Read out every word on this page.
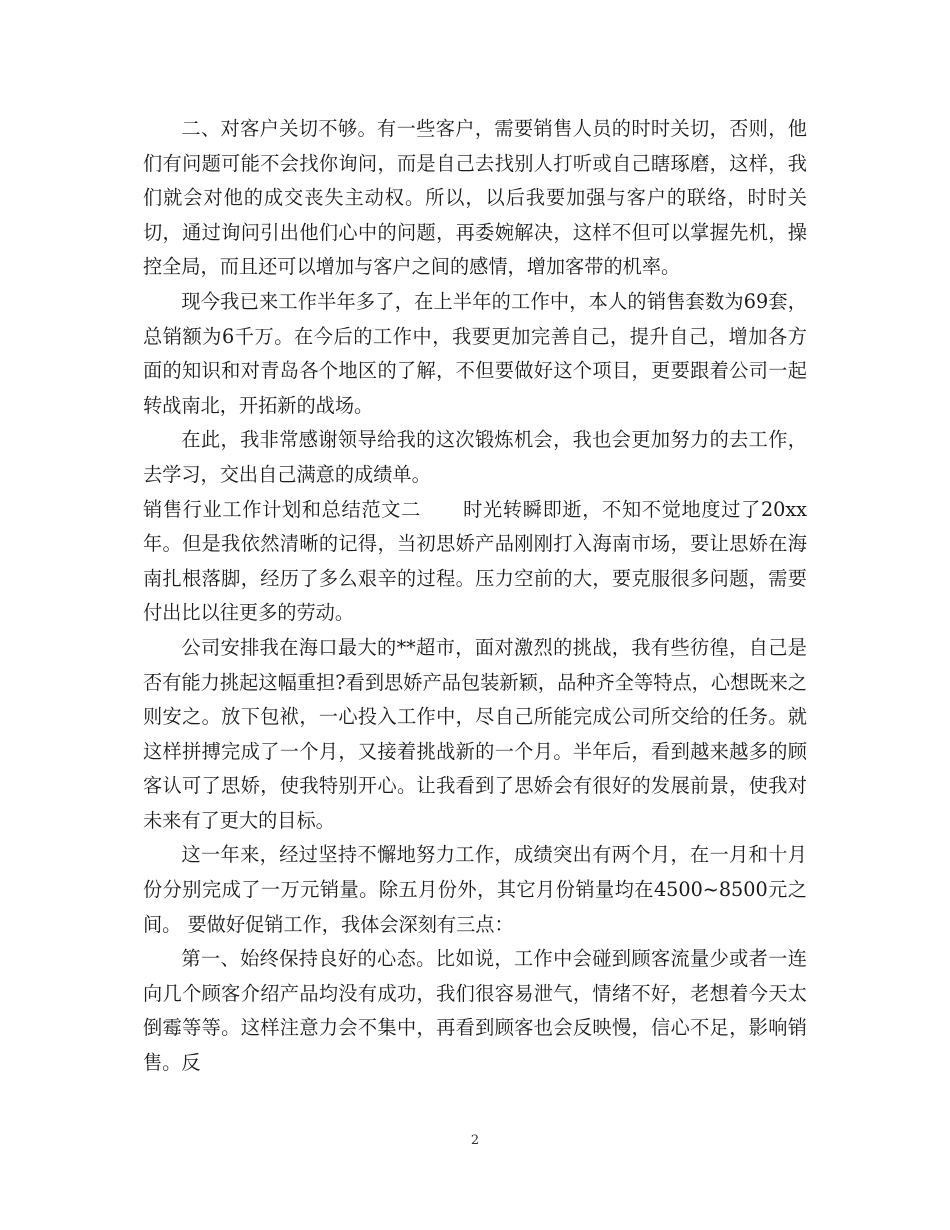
二、对客户关切不够。有一些客户，需要销售人员的时时关切，否则，他们有问题可能不会找你询问，而是自己去找别人打听或自己瞎琢磨，这样，我们就会对他的成交丧失主动权。所以，以后我要加强与客户的联络，时时关切，通过询问引出他们心中的问题，再委婉解决，这样不但可以掌握先机，操控全局，而且还可以增加与客户之间的感情，增加客带的机率。

现今我已来工作半年多了，在上半年的工作中，本人的销售套数为69套，总销额为6千万。在今后的工作中，我要更加完善自己，提升自己，增加各方面的知识和对青岛各个地区的了解，不但要做好这个项目，更要跟着公司一起转战南北，开拓新的战场。

在此，我非常感谢领导给我的这次锻炼机会，我也会更加努力的去工作，去学习，交出自己满意的成绩单。

销售行业工作计划和总结范文二 时光转瞬即逝，不知不觉地度过了20xx年。但是我依然清晰的记得，当初思娇产品刚刚打入海南市场，要让思娇在海南扎根落脚，经历了多么艰辛的过程。压力空前的大，要克服很多问题，需要付出比以往更多的劳动。

公司安排我在海口最大的**超市，面对激烈的挑战，我有些彷徨，自己是否有能力挑起这幅重担?看到思娇产品包装新颖，品种齐全等特点，心想既来之则安之。放下包袱，一心投入工作中，尽自己所能完成公司所交给的任务。就这样拼搏完成了一个月，又接着挑战新的一个月。半年后，看到越来越多的顾客认可了思娇，使我特别开心。让我看到了思娇会有很好的发展前景，使我对未来有了更大的目标。

这一年来，经过坚持不懈地努力工作，成绩突出有两个月，在一月和十月份分别完成了一万元销量。除五月份外，其它月份销量均在4500~8500元之间。 要做好促销工作，我体会深刻有三点：

第一、始终保持良好的心态。比如说，工作中会碰到顾客流量少或者一连向几个顾客介绍产品均没有成功，我们很容易泄气，情绪不好，老想着今天太倒霉等等。这样注意力会不集中，再看到顾客也会反映慢，信心不足，影响销售。反

2
